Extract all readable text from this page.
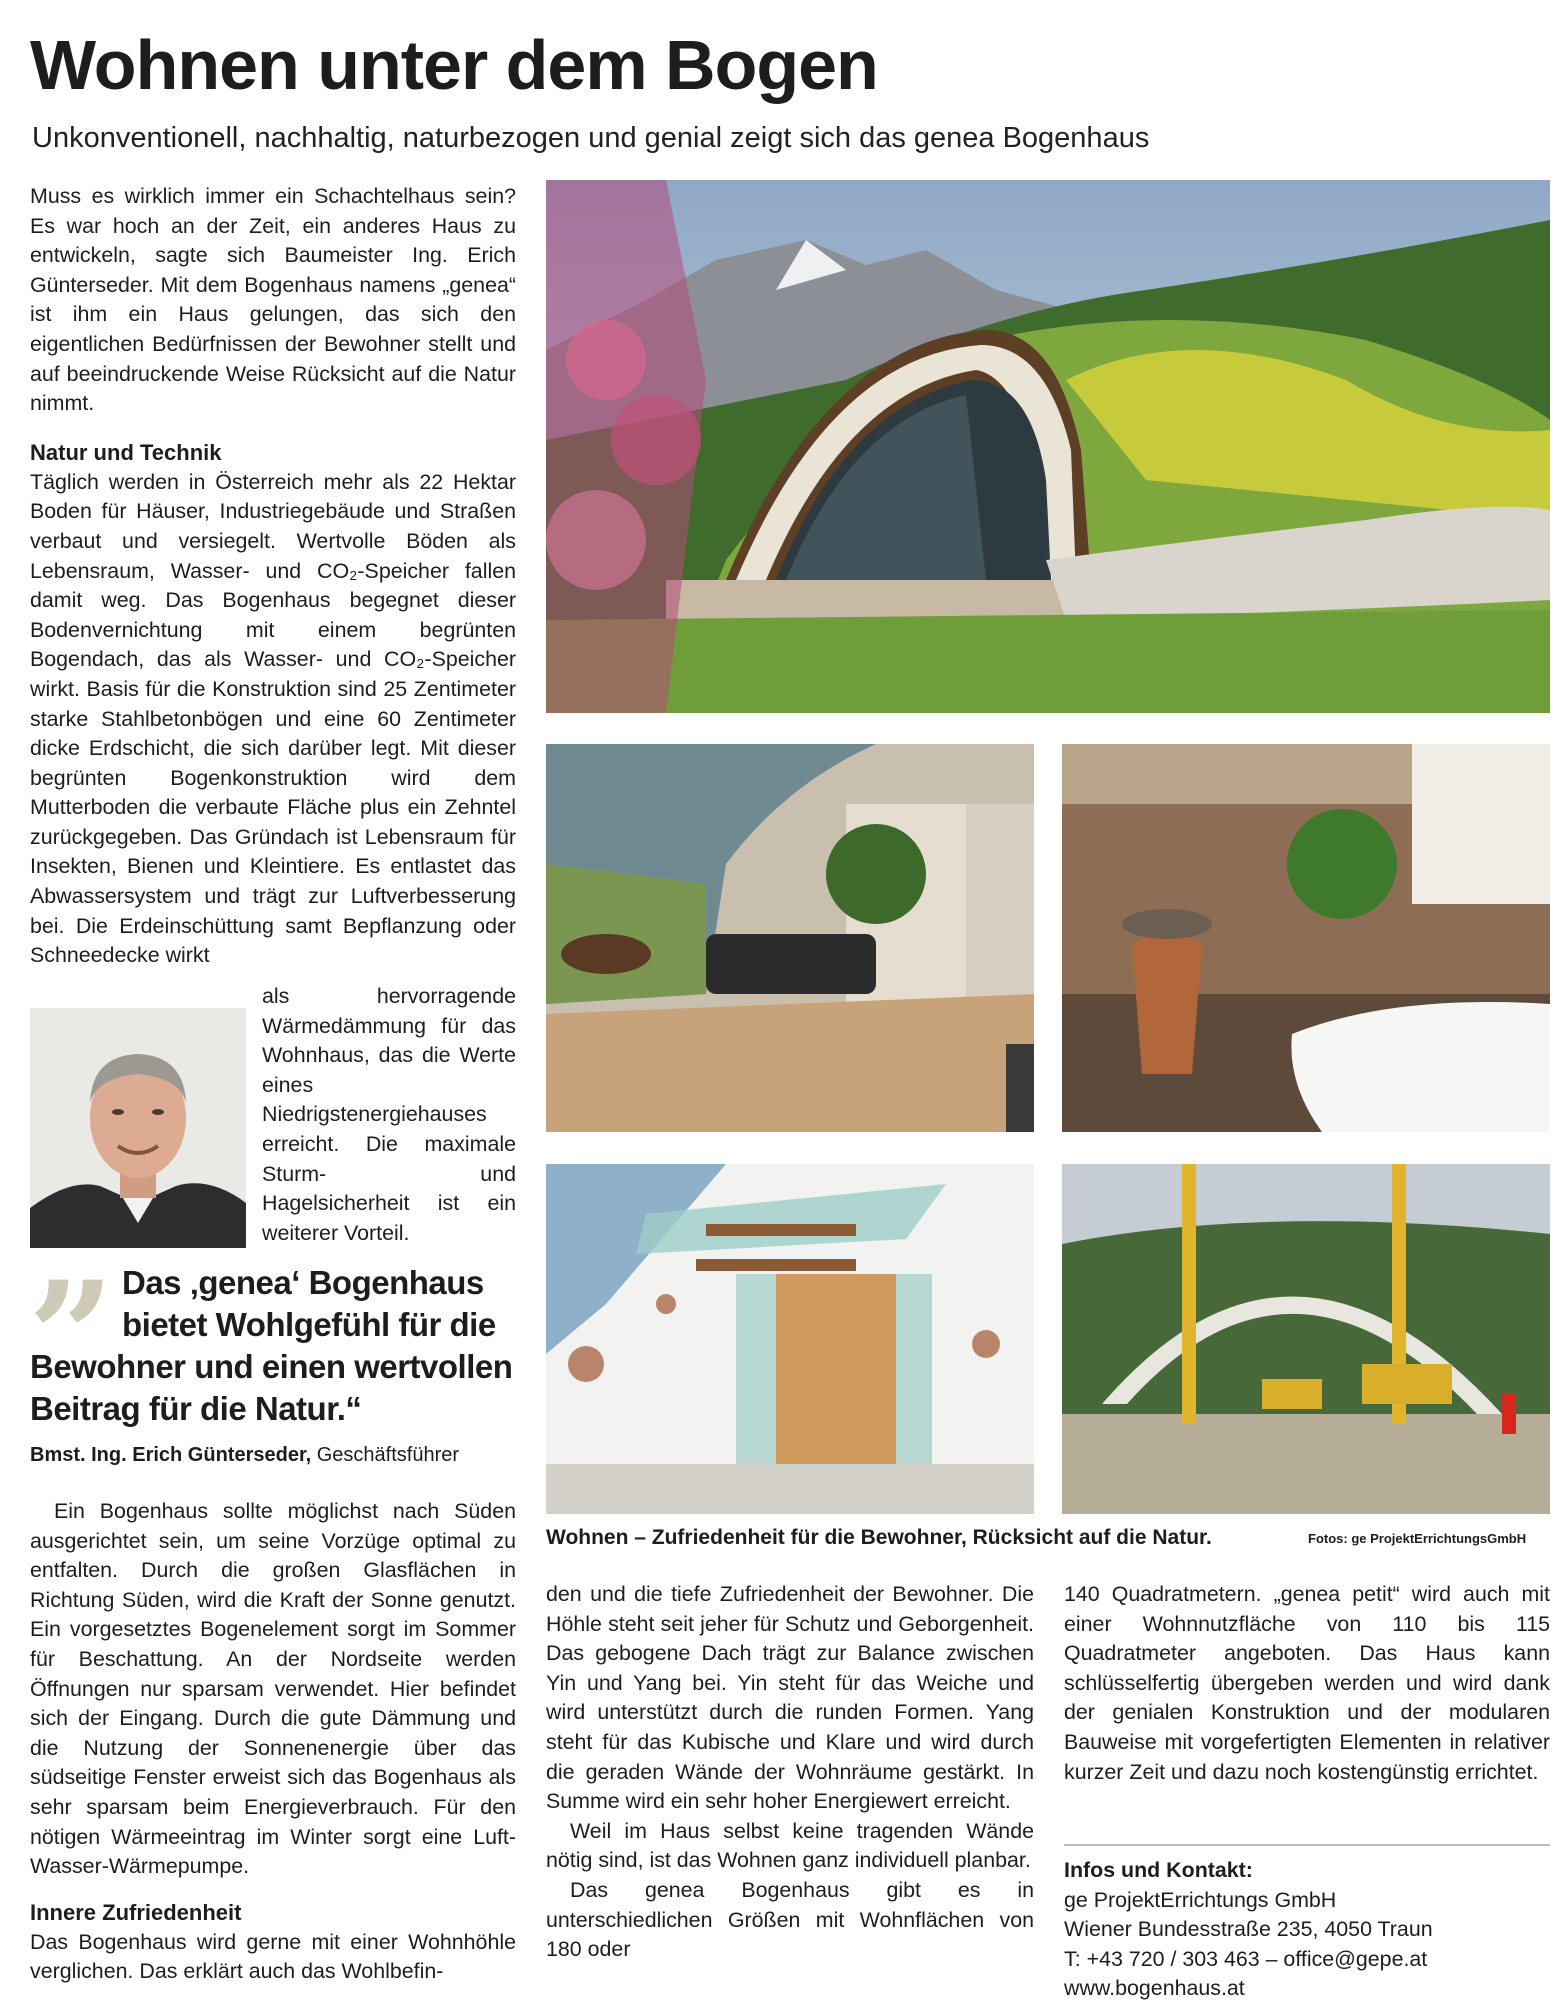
Wohnen unter dem Bogen
Unkonventionell, nachhaltig, naturbezogen und genial zeigt sich das genea Bogenhaus

Muss es wirklich immer ein Schachtelhaus sein? Es war hoch an der Zeit, ein anderes Haus zu entwickeln, sagte sich Baumeister Ing. Erich Günterseder. Mit dem Bogenhaus namens „genea“ ist ihm ein Haus gelungen, das sich den eigentlichen Bedürfnissen der Bewohner stellt und auf beeindruckende Weise Rücksicht auf die Natur nimmt.

Natur und Technik

Täglich werden in Österreich mehr als 22 Hektar Boden für Häuser, Industriegebäude und Straßen verbaut und versiegelt. Wertvolle Böden als Lebensraum, Wasser- und CO₂-Speicher fallen damit weg. Das Bogenhaus begegnet dieser Bodenvernichtung mit einem begrünten Bogendach, das als Wasser- und CO₂-Speicher wirkt. Basis für die Konstruktion sind 25 Zentimeter starke Stahlbetonbögen und eine 60 Zentimeter dicke Erdschicht, die sich darüber legt. Mit dieser begrünten Bogenkonstruktion wird dem Mutterboden die verbaute Fläche plus ein Zehntel zurückgegeben. Das Gründach ist Lebensraum für Insekten, Bienen und Kleintiere. Es entlastet das Abwassersystem und trägt zur Luftverbesserung bei. Die Erdeinschüttung samt Bepflanzung oder Schneedecke wirkt

als hervorragende Wärmedämmung für das Wohnhaus, das die Werte eines Niedrigstenergiehauses erreicht. Die maximale Sturm- und Hagelsicherheit ist ein weiterer Vorteil.

” Das ‚genea‘ Bogenhaus
bietet Wohlgefühl für die
Bewohner und einen wertvollen
Beitrag für die Natur.“
Bmst. Ing. Erich Günterseder, Geschäftsführer

Ein Bogenhaus sollte möglichst nach Süden ausgerichtet sein, um seine Vorzüge optimal zu entfalten. Durch die großen Glasflächen in Richtung Süden, wird die Kraft der Sonne genutzt. Ein vorgesetztes Bogenelement sorgt im Sommer für Beschattung. An der Nordseite werden Öffnungen nur sparsam verwendet. Hier befindet sich der Eingang. Durch die gute Dämmung und die Nutzung der Sonnenenergie über das südseitige Fenster erweist sich das Bogenhaus als sehr sparsam beim Energieverbrauch. Für den nötigen Wärmeeintrag im Winter sorgt eine Luft-Wasser-Wärmepumpe.

Innere Zufriedenheit

Das Bogenhaus wird gerne mit einer Wohnhöhle verglichen. Das erklärt auch das Wohlbefin-

Wohnen – Zufriedenheit für die Bewohner, Rücksicht auf die Natur.	Fotos: ge ProjektErrichtungsGmbH

den und die tiefe Zufriedenheit der Bewohner. Die Höhle steht seit jeher für Schutz und Geborgenheit. Das gebogene Dach trägt zur Balance zwischen Yin und Yang bei. Yin steht für das Weiche und wird unterstützt durch die runden Formen. Yang steht für das Kubische und Klare und wird durch die geraden Wände der Wohnräume gestärkt. In Summe wird ein sehr hoher Energiewert erreicht.

Weil im Haus selbst keine tragenden Wände nötig sind, ist das Wohnen ganz individuell planbar.

Das genea Bogenhaus gibt es in unterschiedlichen Größen mit Wohnflächen von 180 oder

140 Quadratmetern. „genea petit“ wird auch mit einer Wohnnutzfläche von 110 bis 115 Quadratmeter angeboten. Das Haus kann schlüsselfertig übergeben werden und wird dank der genialen Konstruktion und der modularen Bauweise mit vorgefertigten Elementen in relativer kurzer Zeit und dazu noch kostengünstig errichtet.

Infos und Kontakt:
ge ProjektErrichtungs GmbH
Wiener Bundesstraße 235, 4050 Traun
T: +43 720 / 303 463 – office@gepe.at
www.bogenhaus.at
